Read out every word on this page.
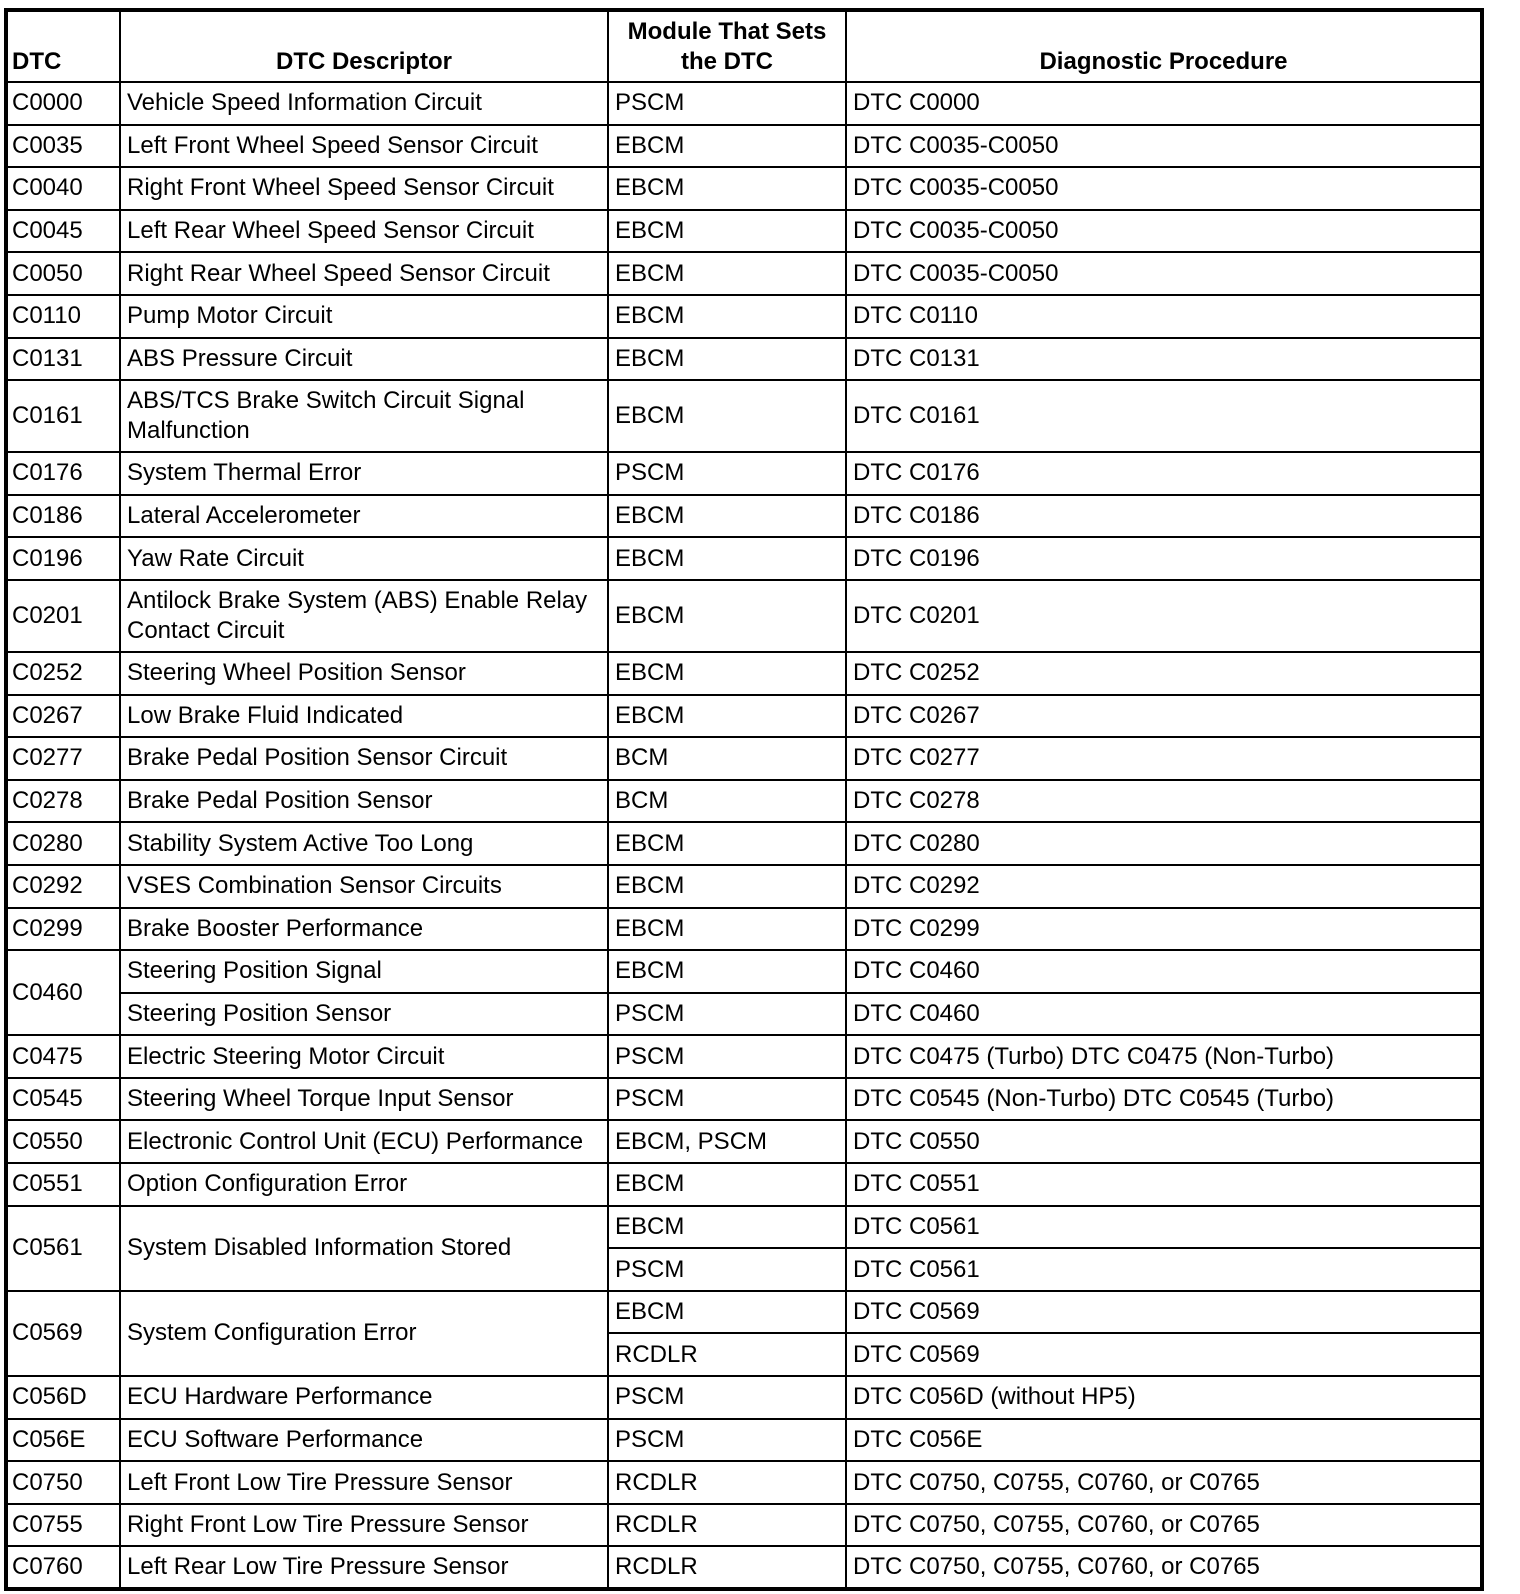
DTC	DTC Descriptor	Module That Sets the DTC	Diagnostic Procedure
C0000	Vehicle Speed Information Circuit	PSCM	DTC C0000
C0035	Left Front Wheel Speed Sensor Circuit	EBCM	DTC C0035-C0050
C0040	Right Front Wheel Speed Sensor Circuit	EBCM	DTC C0035-C0050
C0045	Left Rear Wheel Speed Sensor Circuit	EBCM	DTC C0035-C0050
C0050	Right Rear Wheel Speed Sensor Circuit	EBCM	DTC C0035-C0050
C0110	Pump Motor Circuit	EBCM	DTC C0110
C0131	ABS Pressure Circuit	EBCM	DTC C0131
C0161	ABS/TCS Brake Switch Circuit Signal Malfunction	EBCM	DTC C0161
C0176	System Thermal Error	PSCM	DTC C0176
C0186	Lateral Accelerometer	EBCM	DTC C0186
C0196	Yaw Rate Circuit	EBCM	DTC C0196
C0201	Antilock Brake System (ABS) Enable Relay Contact Circuit	EBCM	DTC C0201
C0252	Steering Wheel Position Sensor	EBCM	DTC C0252
C0267	Low Brake Fluid Indicated	EBCM	DTC C0267
C0277	Brake Pedal Position Sensor Circuit	BCM	DTC C0277
C0278	Brake Pedal Position Sensor	BCM	DTC C0278
C0280	Stability System Active Too Long	EBCM	DTC C0280
C0292	VSES Combination Sensor Circuits	EBCM	DTC C0292
C0299	Brake Booster Performance	EBCM	DTC C0299
C0460	Steering Position Signal	EBCM	DTC C0460
	Steering Position Sensor	PSCM	DTC C0460
C0475	Electric Steering Motor Circuit	PSCM	DTC C0475 (Turbo) DTC C0475 (Non-Turbo)
C0545	Steering Wheel Torque Input Sensor	PSCM	DTC C0545 (Non-Turbo) DTC C0545 (Turbo)
C0550	Electronic Control Unit (ECU) Performance	EBCM, PSCM	DTC C0550
C0551	Option Configuration Error	EBCM	DTC C0551
C0561	System Disabled Information Stored	EBCM	DTC C0561
		PSCM	DTC C0561
C0569	System Configuration Error	EBCM	DTC C0569
		RCDLR	DTC C0569
C056D	ECU Hardware Performance	PSCM	DTC C056D (without HP5)
C056E	ECU Software Performance	PSCM	DTC C056E
C0750	Left Front Low Tire Pressure Sensor	RCDLR	DTC C0750, C0755, C0760, or C0765
C0755	Right Front Low Tire Pressure Sensor	RCDLR	DTC C0750, C0755, C0760, or C0765
C0760	Left Rear Low Tire Pressure Sensor	RCDLR	DTC C0750, C0755, C0760, or C0765
